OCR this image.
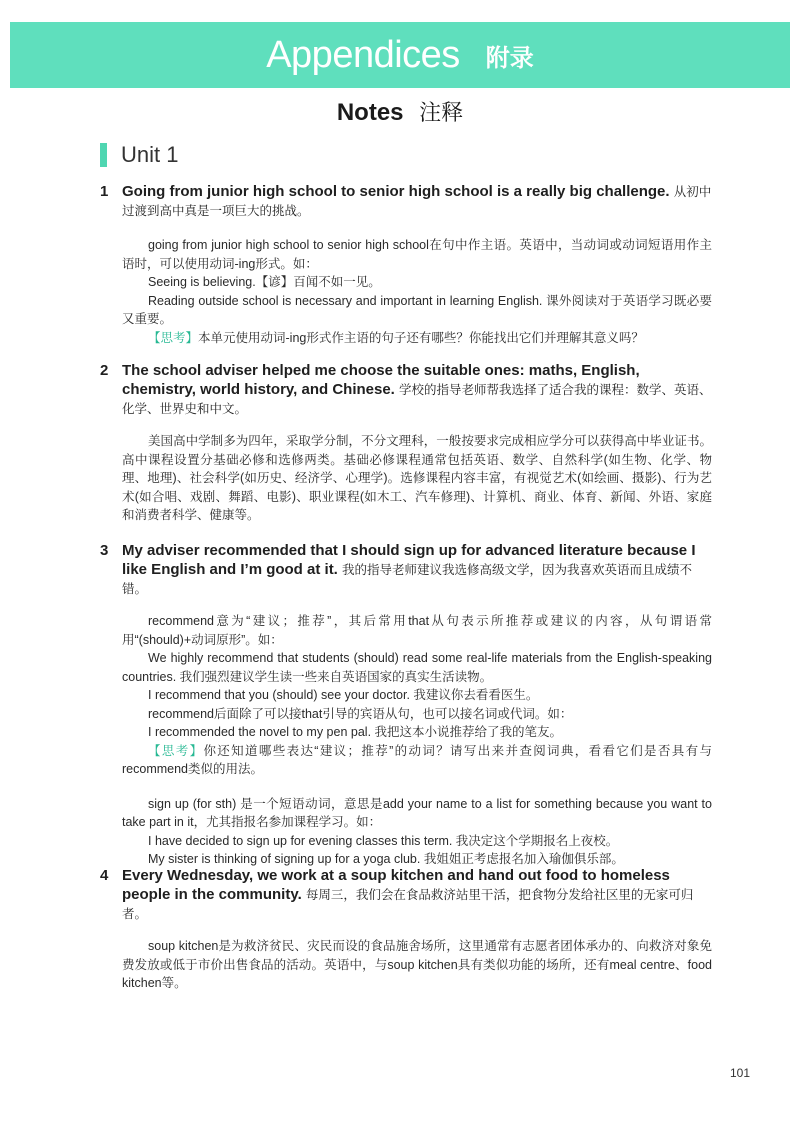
Appendices 附录
Notes 注释
Unit 1
1 Going from junior high school to senior high school is a really big challenge. 从初中过渡到高中真是一项巨大的挑战。

going from junior high school to senior high school在句中作主语。英语中，当动词或动词短语用作主语时，可以使用动词-ing形式。如：

Seeing is believing.【谚】百闻不如一见。

Reading outside school is necessary and important in learning English. 课外阅读对于英语学习既必要又重要。

【思考】本单元使用动词-ing形式作主语的句子还有哪些？你能找出它们并理解其意义吗？

2 The school adviser helped me choose the suitable ones: maths, English, chemistry, world history, and Chinese. 学校的指导老师帮我选择了适合我的课程：数学、英语、化学、世界史和中文。

美国高中学制多为四年，采取学分制，不分文理科，一般按要求完成相应学分可以获得高中毕业证书。高中课程设置分基础必修和选修两类。基础必修课程通常包括英语、数学、自然科学(如生物、化学、物理、地理)、社会科学(如历史、经济学、心理学)。选修课程内容丰富，有视觉艺术(如绘画、摄影)、行为艺术(如合唱、戏剧、舞蹈、电影)、职业课程(如木工、汽车修理)、计算机、商业、体育、新闻、外语、家庭和消费者科学、健康等。

3 My adviser recommended that I should sign up for advanced literature because I like English and I’m good at it. 我的指导老师建议我选修高级文学，因为我喜欢英语而且成绩不错。

recommend意为“建议；推荐”，其后常用that从句表示所推荐或建议的内容，从句谓语常用“(should)+动词原形”。如：

We highly recommend that students (should) read some real-life materials from the English-speaking countries. 我们强烈建议学生读一些来自英语国家的真实生活读物。

I recommend that you (should) see your doctor. 我建议你去看看医生。

recommend后面除了可以接that引导的宾语从句，也可以接名词或代词。如：

I recommended the novel to my pen pal. 我把这本小说推荐给了我的笔友。

【思考】你还知道哪些表达“建议；推荐”的动词？请写出来并查阅词典，看看它们是否具有与recommend类似的用法。

sign up (for sth) 是一个短语动词，意思是add your name to a list for something because you want to take part in it，尤其指报名参加课程学习。如：

I have decided to sign up for evening classes this term. 我决定这个学期报名上夜校。

My sister is thinking of signing up for a yoga club. 我姐姐正考虑报名加入瑜伽俱乐部。

4 Every Wednesday, we work at a soup kitchen and hand out food to homeless people in the community. 每周三，我们会在食品救济站里干活，把食物分发给社区里的无家可归者。

soup kitchen是为救济贫民、灾民而设的食品施舍场所，这里通常有志愿者团体承办的、向救济对象免费发放或低于市价出售食品的活动。英语中，与soup kitchen具有类似功能的场所，还有meal centre、food kitchen等。

101
